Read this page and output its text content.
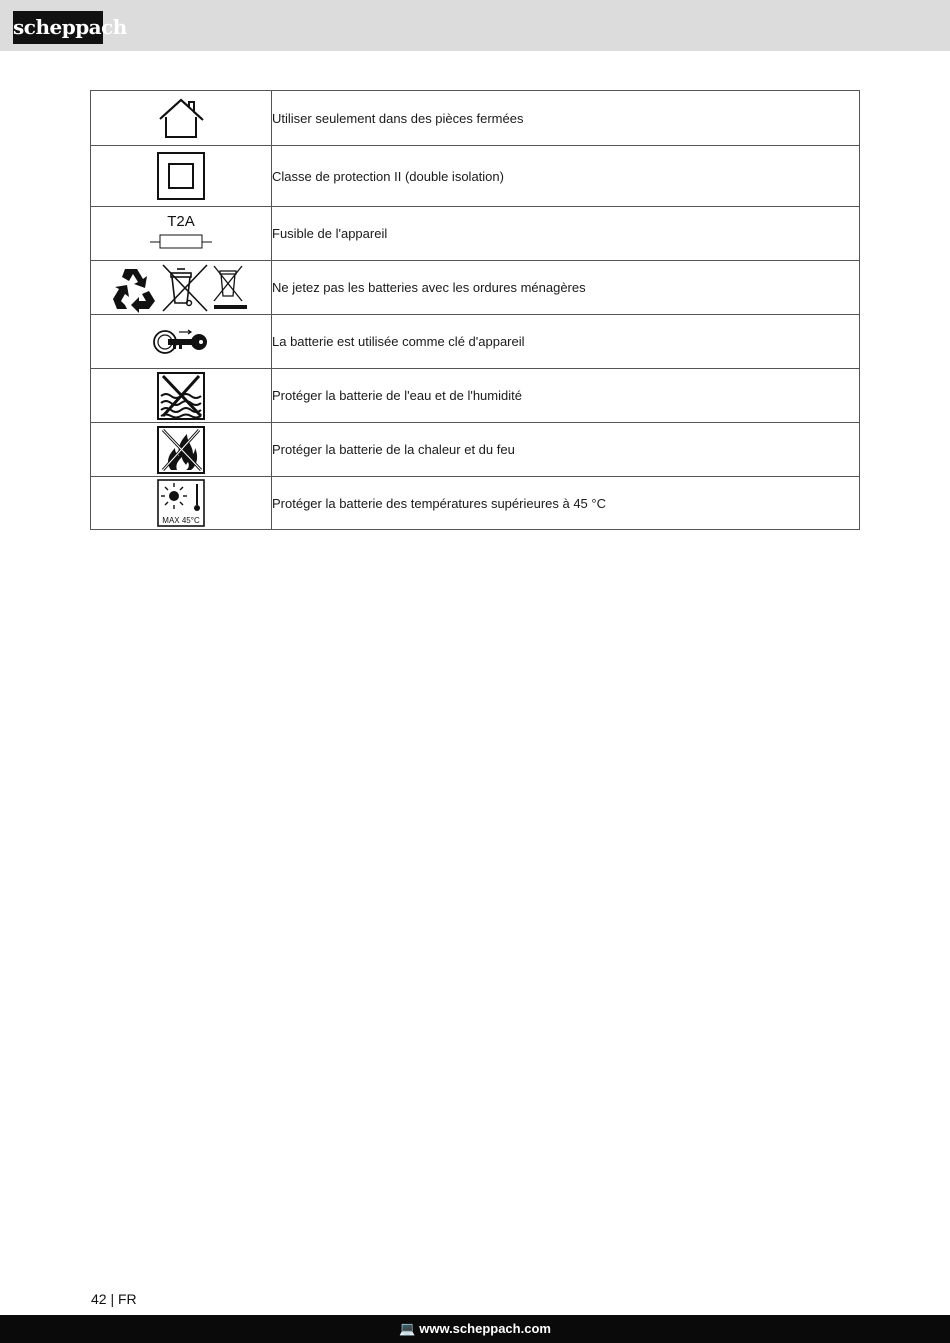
scheppach
	Utiliser seulement dans des pièces fermées
	Classe de protection II (double isolation)

T2A	Fusible de l'appareil
	Ne jetez pas les batteries avec les ordures ménagères
	La batterie est utilisée comme clé d'appareil
	Protéger la batterie de l'eau et de l'humidité
	Protéger la batterie de la chaleur et du feu

MAX 45°C	Protéger la batterie des températures supérieures à 45 °C
42 | FR
💻 www.scheppach.com
